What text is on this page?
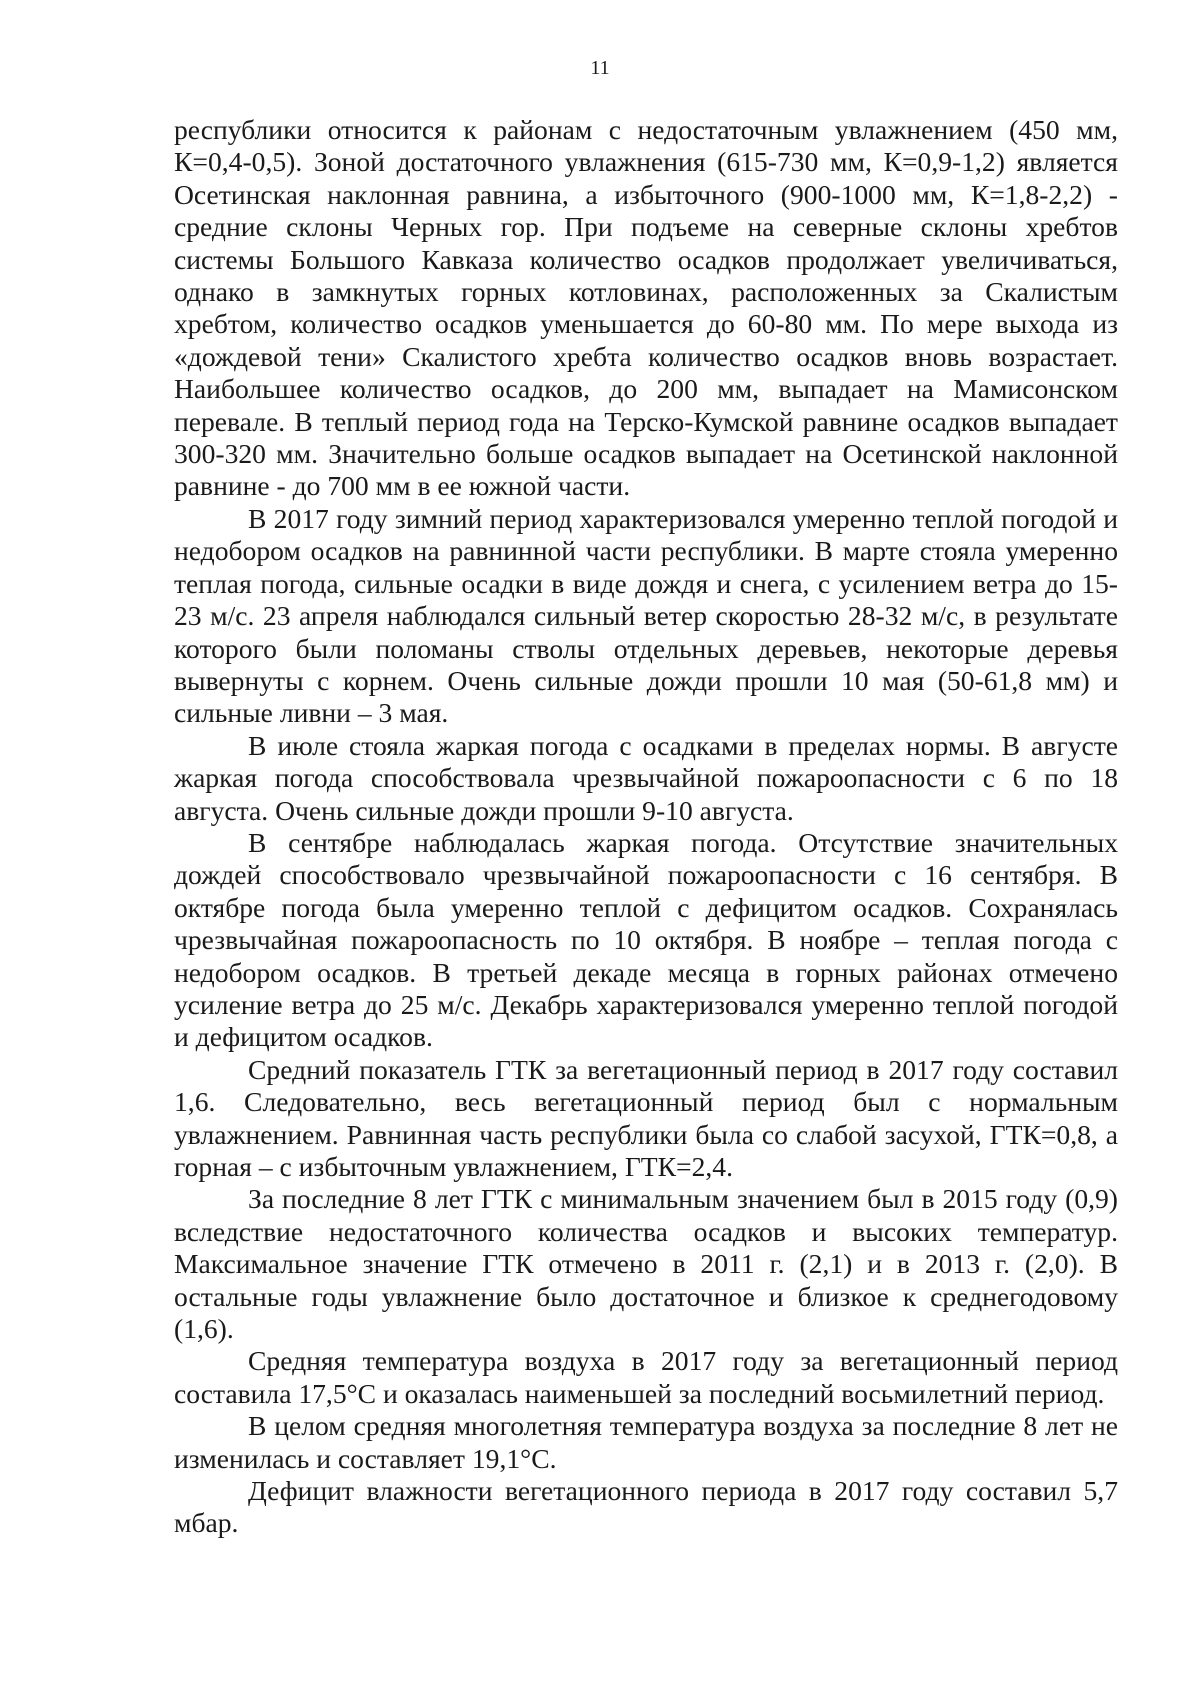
11

республики относится к районам с недостаточным увлажнением (450 мм, К=0,4-0,5). Зоной достаточного увлажнения (615-730 мм, К=0,9-1,2) является Осетинская наклонная равнина, а избыточного (900-1000 мм, К=1,8-2,2) - средние склоны Черных гор. При подъеме на северные склоны хребтов системы Большого Кавказа количество осадков продолжает увеличиваться, однако в замкнутых горных котловинах, расположенных за Скалистым хребтом, количество осадков уменьшается до 60-80 мм. По мере выхода из «дождевой тени» Скалистого хребта количество осадков вновь возрастает. Наибольшее количество осадков, до 200 мм, выпадает на Мамисонском перевале. В теплый период года на Терско-Кумской равнине осадков выпадает 300-320 мм. Значительно больше осадков выпадает на Осетинской наклонной равнине - до 700 мм в ее южной части.

В 2017 году зимний период характеризовался умеренно теплой погодой и недобором осадков на равнинной части республики. В марте стояла умеренно теплая погода, сильные осадки в виде дождя и снега, с усилением ветра до 15-23 м/с. 23 апреля наблюдался сильный ветер скоростью 28-32 м/с, в результате которого были поломаны стволы отдельных деревьев, некоторые деревья вывернуты с корнем. Очень сильные дожди прошли 10 мая (50-61,8 мм) и сильные ливни – 3 мая.

В июле стояла жаркая погода с осадками в пределах нормы. В августе жаркая погода способствовала чрезвычайной пожароопасности с 6 по 18 августа. Очень сильные дожди прошли 9-10 августа.

В сентябре наблюдалась жаркая погода. Отсутствие значительных дождей способствовало чрезвычайной пожароопасности с 16 сентября. В октябре погода была умеренно теплой с дефицитом осадков. Сохранялась чрезвычайная пожароопасность по 10 октября. В ноябре – теплая погода с недобором осадков. В третьей декаде месяца в горных районах отмечено усиление ветра до 25 м/с. Декабрь характеризовался умеренно теплой погодой и дефицитом осадков.

Средний показатель ГТК за вегетационный период в 2017 году составил 1,6. Следовательно, весь вегетационный период был с нормальным увлажнением. Равнинная часть республики была со слабой засухой, ГТК=0,8, а горная – с избыточным увлажнением, ГТК=2,4.

За последние 8 лет ГТК с минимальным значением был в 2015 году (0,9) вследствие недостаточного количества осадков и высоких температур. Максимальное значение ГТК отмечено в 2011 г. (2,1) и в 2013 г. (2,0). В остальные годы увлажнение было достаточное и близкое к среднегодовому (1,6).

Средняя температура воздуха в 2017 году за вегетационный период составила 17,5°С и оказалась наименьшей за последний восьмилетний период.

В целом средняя многолетняя температура воздуха за последние 8 лет не изменилась и составляет 19,1°С.

Дефицит влажности вегетационного периода в 2017 году составил 5,7 мбар.
